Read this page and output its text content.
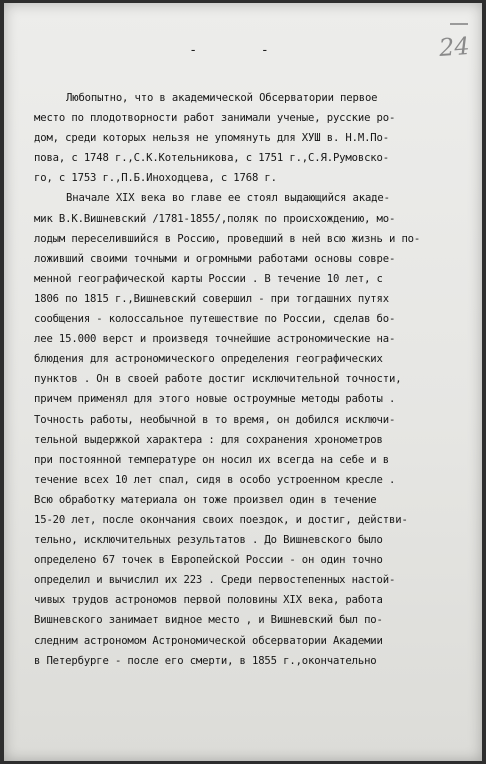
24
- -
Любопытно, что в академической Обсерватории первое
место по плодотворности работ занимали ученые, русские ро-
дом, среди которых нельзя не упомянуть для ХУШ в. Н.М.По-
пова, с 1748 г.,С.К.Котельникова, с 1751 г.,С.Я.Румовско-
го, с 1753 г.,П.Б.Иноходцева, с 1768 г.
Вначале XIX века во главе ее стоял выдающийся акаде-
мик В.К.Вишневский /1781-1855/,поляк по происхождению, мо-
лодым переселившийся в Россию, проведший в ней всю жизнь и по-
ложивший своими точными и огромными работами основы совре-
менной географической карты России . В течение 10 лет, с
1806 по 1815 г.,Вишневский совершил - при тогдашних путях
сообщения - колоссальное путешествие по России, сделав бо-
лее 15.000 верст и произведя точнейшие астрономические на-
блюдения для астрономического определения географических
пунктов . Он в своей работе достиг исключительной точности,
причем применял для этого новые остроумные методы работы .
Точность работы, необычной в то время, он добился исключи-
тельной выдержкой характера : для сохранения хронометров
при постоянной температуре он носил их всегда на себе и в
течение всех 10 лет спал, сидя в особо устроенном кресле .
Всю обработку материала он тоже произвел один в течение
15-20 лет, после окончания своих поездок, и достиг, действи-
тельно, исключительных результатов . До Вишневского было
определено 67 точек в Европейской России - он один точно
определил и вычислил их 223 . Среди первостепенных настой-
чивых трудов астрономов первой половины XIX века, работа
Вишневского занимает видное место , и Вишневский был по-
следним астрономом Астрономической обсерватории Академии
в Петербурге - после его смерти, в 1855 г.,окончательно
